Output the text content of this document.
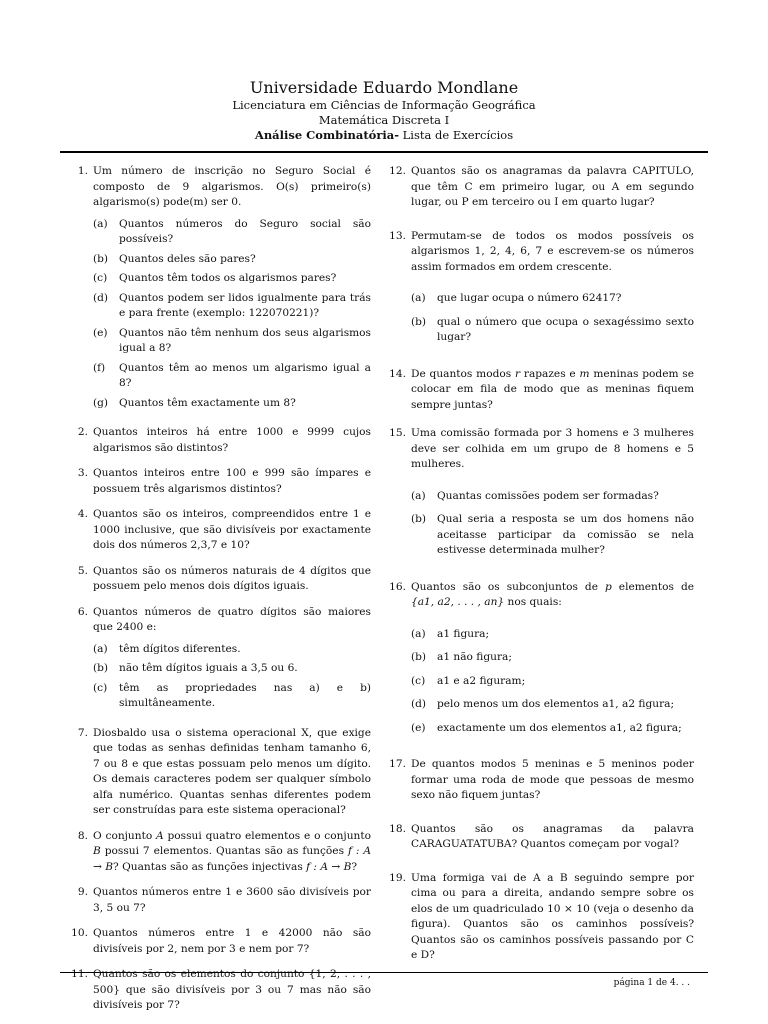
Universidade Eduardo Mondlane
Licenciatura em Ciências de Informação Geográfica
Matemática Discreta I
Análise Combinatória- Lista de Exercícios
1. Um número de inscrição no Seguro Social é composto de 9 algarismos. O(s) primeiro(s) algarismo(s) pode(m) ser 0.
(a)	Quantos números do Seguro social são possíveis?
(b)	Quantos deles são pares?
(c)	Quantos têm todos os algarismos pares?
(d)	Quantos podem ser lidos igualmente para trás e para frente (exemplo: 122070221)?
(e)	Quantos não têm nenhum dos seus algarismos igual a 8?
(f)	Quantos têm ao menos um algarismo igual a 8?
(g)	Quantos têm exactamente um 8?
2. Quantos inteiros há entre 1000 e 9999 cujos algarismos são distintos?
3. Quantos inteiros entre 100 e 999 são ímpares e possuem três algarismos distintos?
4. Quantos são os inteiros, compreendidos entre 1 e 1000 inclusive, que são divisíveis por exactamente dois dos números 2,3,7 e 10?
5. Quantos são os números naturais de 4 dígitos que possuem pelo menos dois dígitos iguais.
6. Quantos números de quatro dígitos são maiores que 2400 e:
(a)	têm dígitos diferentes.
(b)	não têm dígitos iguais a 3,5 ou 6.
(c)	têm as propriedades nas a) e b) simultâneamente.
7. Diosbaldo usa o sistema operacional X, que exige que todas as senhas definidas tenham tamanho 6, 7 ou 8 e que estas possuam pelo menos um dígito. Os demais caracteres podem ser qualquer símbolo alfa numérico. Quantas senhas diferentes podem ser construídas para este sistema operacional?
8. O conjunto A possui quatro elementos e o conjunto B possui 7 elementos. Quantas são as funções f : A → B? Quantas são as funções injectivas f : A → B?
9. Quantos números entre 1 e 3600 são divisíveis por 3, 5 ou 7?
10. Quantos números entre 1 e 42000 não são divisíveis por 2, nem por 3 e nem por 7?
11. Quantos são os elementos do conjunto {1, 2, . . . , 500} que são divisíveis por 3 ou 7 mas não são divisíveis por 7?
12. Quantos são os anagramas da palavra CAPITULO, que têm C em primeiro lugar, ou A em segundo lugar, ou P em terceiro ou I em quarto lugar?
13. Permutam-se de todos os modos possíveis os algarismos 1, 2, 4, 6, 7 e escrevem-se os números assim formados em ordem crescente.
(a)	que lugar ocupa o número 62417?
(b)	qual o número que ocupa o sexagéssimo sexto lugar?
14. De quantos modos r rapazes e m meninas podem se colocar em fila de modo que as meninas fiquem sempre juntas?
15. Uma comissão formada por 3 homens e 3 mulheres deve ser colhida em um grupo de 8 homens e 5 mulheres.
(a)	Quantas comissões podem ser formadas?
(b)	Qual seria a resposta se um dos homens não aceitasse participar da comissão se nela estivesse determinada mulher?
16. Quantos são os subconjuntos de p elementos de {a1, a2, . . . , an} nos quais:
(a)	a1 figura;
(b)	a1 não figura;
(c)	a1 e a2 figuram;
(d)	pelo menos um dos elementos a1, a2 figura;
(e)	exactamente um dos elementos a1, a2 figura;
17. De quantos modos 5 meninas e 5 meninos poder formar uma roda de mode que pessoas de mesmo sexo não fiquem juntas?
18. Quantos são os anagramas da palavra CARAGUATATUBA? Quantos começam por vogal?
19. Uma formiga vai de A a B seguindo sempre por cima ou para a direita, andando sempre sobre os elos de um quadriculado 10 × 10 (veja o desenho da figura). Quantos são os caminhos possíveis? Quantos são os caminhos possíveis passando por C e D?
página 1 de 4. . .
